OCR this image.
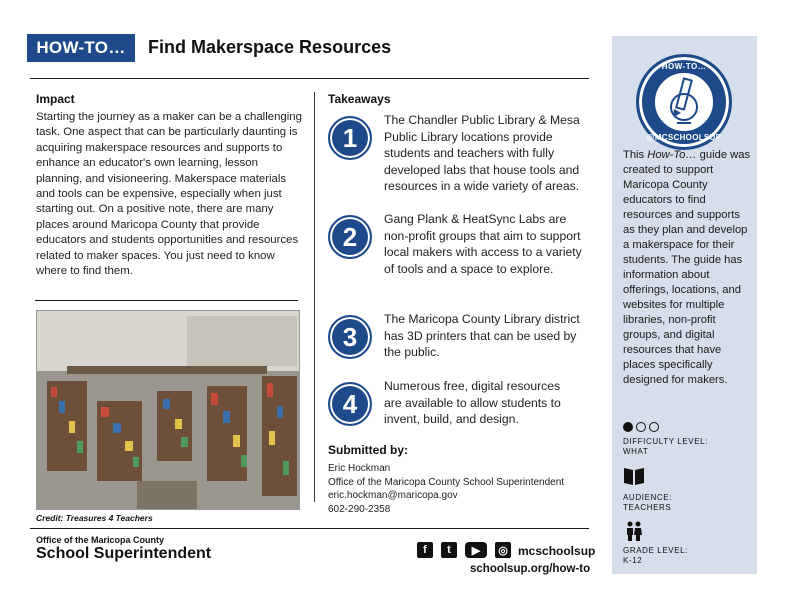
HOW-TO…	Find Makerspace Resources
Impact
Starting the journey as a maker can be a challenging task. One aspect that can be particularly daunting is acquiring makerspace resources and supports to enhance an educator's own learning, lesson planning, and visioneering. Makerspace materials and tools can be expensive, especially when just starting out. On a positive note, there are many places around Maricopa County that provide educators and students opportunities and resources related to maker spaces. You just need to know where to find them.
Credit: Treasures 4 Teachers
Takeaways
1
The Chandler Public Library & Mesa Public Library locations provide students and teachers with fully developed labs that house tools and resources in a wide variety of areas.
2
Gang Plank & HeatSync Labs are non-profit groups that aim to support local makers with access to a variety of tools and a space to explore.
3
The Maricopa County Library district has 3D printers that can be used by the public.
4
Numerous free, digital resources are available to allow students to invent, build, and design.
Submitted by:
Eric Hockman
Office of the Maricopa County School Superintendent
eric.hockman@maricopa.gov
602-290-2358
Office of the Maricopa County
School Superintendent	f	t	▶	◎ mcschoolsup
schoolsup.org/how-to
HOW-TO…
@MCSCHOOLSUP
This How-To… guide was created to support Maricopa County educators to find resources and supports as they plan and develop a makerspace for their students. The guide has information about offerings, locations, and websites for multiple libraries, non-profit groups, and digital resources that have places specifically designed for makers.
DIFFICULTY LEVEL:
WHAT
AUDIENCE:
TEACHERS
GRADE LEVEL:
K-12
